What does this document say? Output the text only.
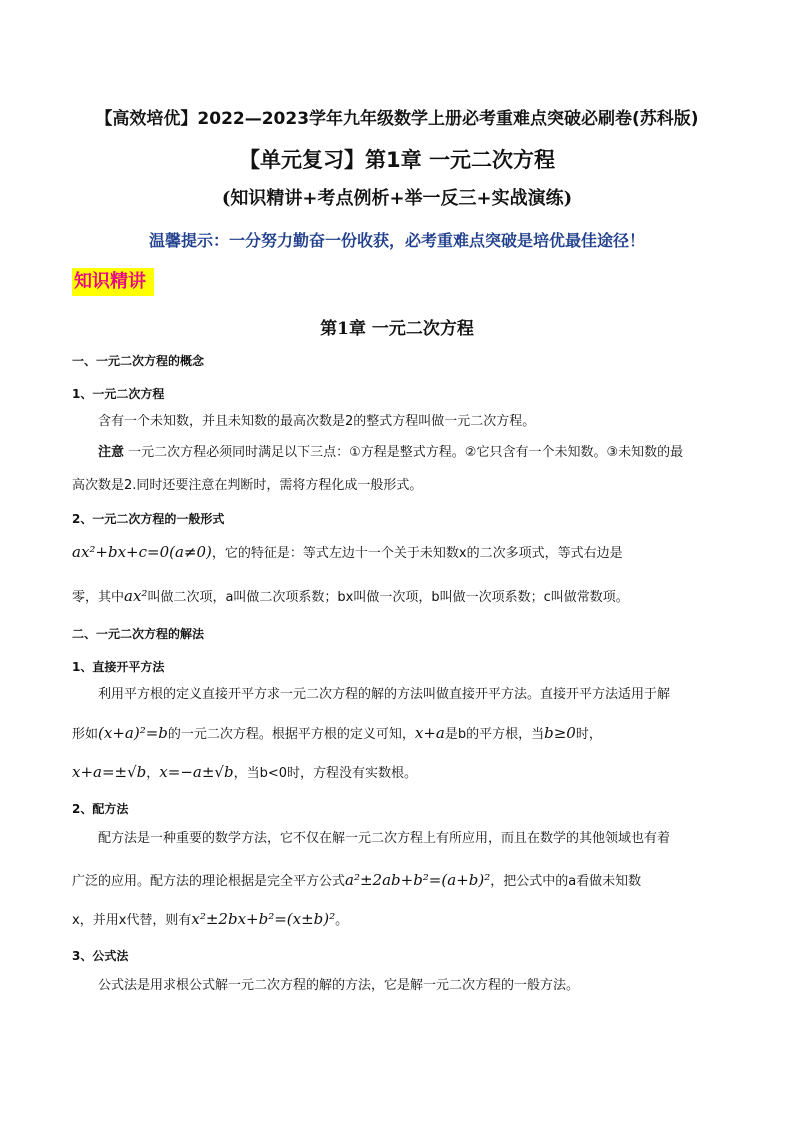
【高效培优】2022—2023学年九年级数学上册必考重难点突破必刷卷(苏科版)
【单元复习】第1章 一元二次方程
(知识精讲+考点例析+举一反三+实战演练)
温馨提示：一分努力勤奋一份收获，必考重难点突破是培优最佳途径！
知识精讲
第1章 一元二次方程
一、一元二次方程的概念
1、一元二次方程
含有一个未知数，并且未知数的最高次数是2的整式方程叫做一元二次方程。
注意 一元二次方程必须同时满足以下三点：①方程是整式方程。②它只含有一个未知数。③未知数的最
高次数是2.同时还要注意在判断时，需将方程化成一般形式。
2、一元二次方程的一般形式
ax²+bx+c=0(a≠0)，它的特征是：等式左边十一个关于未知数x的二次多项式，等式右边是
零，其中ax²叫做二次项，a叫做二次项系数；bx叫做一次项，b叫做一次项系数；c叫做常数项。
二、一元二次方程的解法
1、直接开平方法
利用平方根的定义直接开平方求一元二次方程的解的方法叫做直接开平方法。直接开平方法适用于解
形如(x+a)²=b的一元二次方程。根据平方根的定义可知，x+a是b的平方根，当b≥0时，
x+a=±√b，x=−a±√b，当b<0时，方程没有实数根。
2、配方法
配方法是一种重要的数学方法，它不仅在解一元二次方程上有所应用，而且在数学的其他领域也有着
广泛的应用。配方法的理论根据是完全平方公式a²±2ab+b²=(a+b)²，把公式中的a看做未知数
x，并用x代替，则有x²±2bx+b²=(x±b)²。
3、公式法
公式法是用求根公式解一元二次方程的解的方法，它是解一元二次方程的一般方法。
